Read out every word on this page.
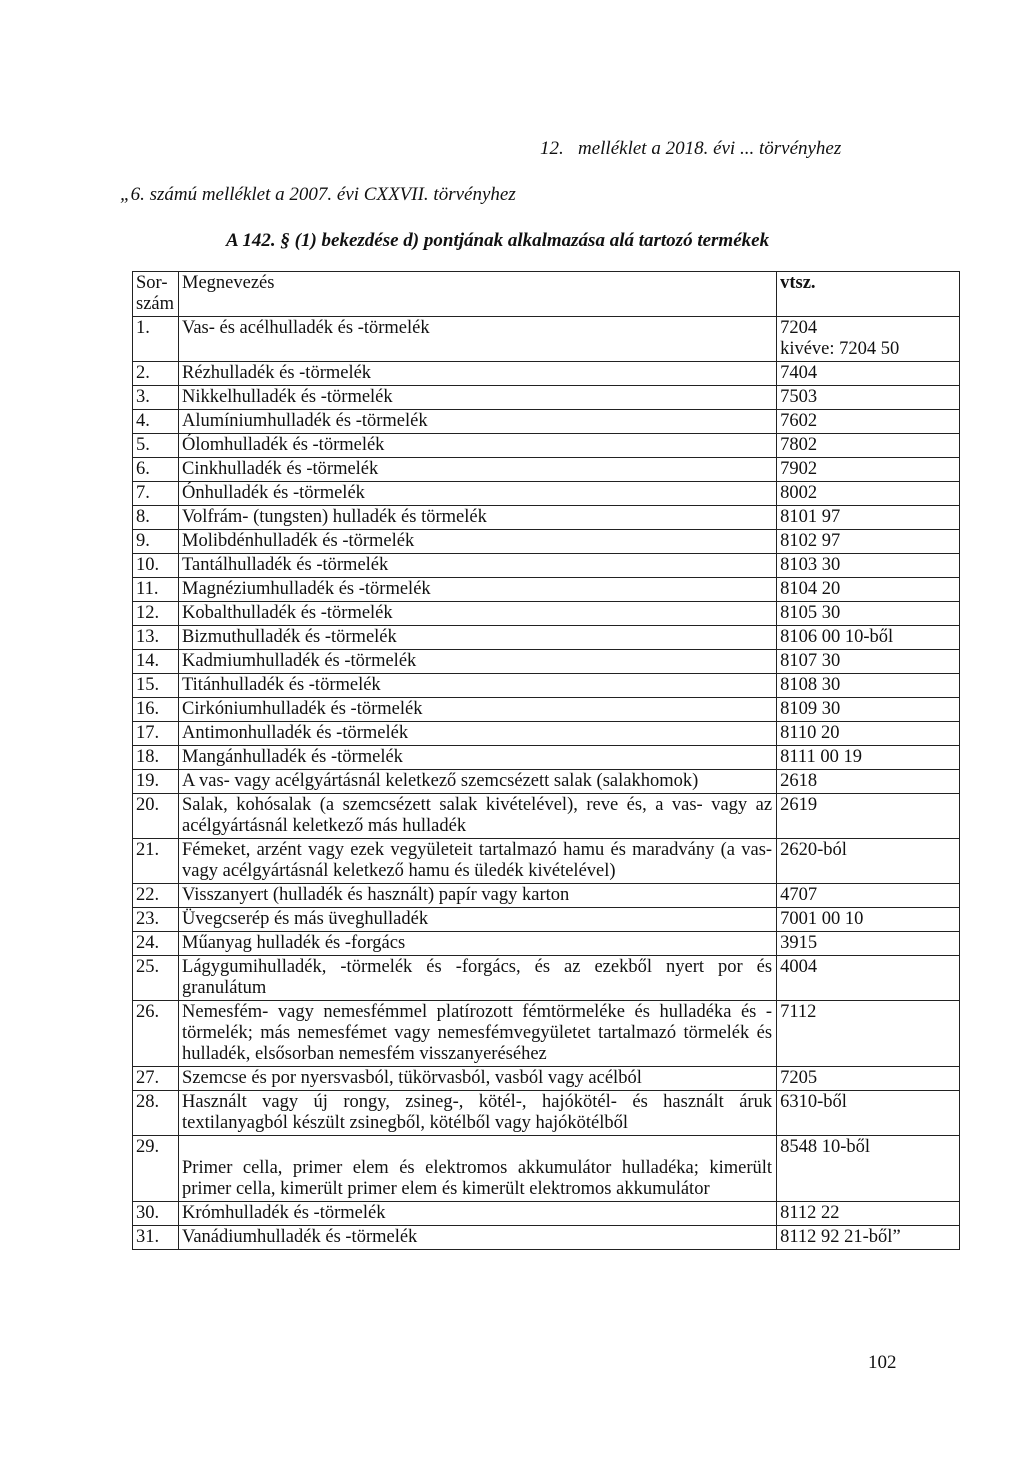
12.   melléklet a 2018. évi ... törvényhez
„6. számú melléklet a 2007. évi CXXVII. törvényhez
A 142. § (1) bekezdése d) pontjának alkalmazása alá tartozó termékek
Sor-
szám	Megnevezés	vtsz.
1.	Vas- és acélhulladék és -törmelék	7204
kivéve: 7204 50
2.	Rézhulladék és -törmelék	7404
3.	Nikkelhulladék és -törmelék	7503
4.	Alumíniumhulladék és -törmelék	7602
5.	Ólomhulladék és -törmelék	7802
6.	Cinkhulladék és -törmelék	7902
7.	Ónhulladék és -törmelék	8002
8.	Volfrám- (tungsten) hulladék és törmelék	8101 97
9.	Molibdénhulladék és -törmelék	8102 97
10.	Tantálhulladék és -törmelék	8103 30
11.	Magnéziumhulladék és -törmelék	8104 20
12.	Kobalthulladék és -törmelék	8105 30
13.	Bizmuthulladék és -törmelék	8106 00 10-ből
14.	Kadmiumhulladék és -törmelék	8107 30
15.	Titánhulladék és -törmelék	8108 30
16.	Cirkóniumhulladék és -törmelék	8109 30
17.	Antimonhulladék és -törmelék	8110 20
18.	Mangánhulladék és -törmelék	8111 00 19
19.	A vas- vagy acélgyártásnál keletkező szemcsézett salak (salakhomok)	2618
20.	Salak, kohósalak (a szemcsézett salak kivételével), reve és, a vas- vagy az acélgyártásnál keletkező más hulladék	2619
21.	Fémeket, arzént vagy ezek vegyületeit tartalmazó hamu és maradvány (a vas- vagy acélgyártásnál keletkező hamu és üledék kivételével)	2620-ból
22.	Visszanyert (hulladék és használt) papír vagy karton	4707
23.	Üvegcserép és más üveghulladék	7001 00 10
24.	Műanyag hulladék és -forgács	3915
25.	Lágygumihulladék, -törmelék és -forgács, és az ezekből nyert por és granulátum	4004
26.	Nemesfém- vagy nemesfémmel platírozott fémtörmeléke és hulladéka és -törmelék; más nemesfémet vagy nemesfémvegyületet tartalmazó törmelék és hulladék, elsősorban nemesfém visszanyeréséhez	7112
27.	Szemcse és por nyersvasból, tükörvasból, vasból vagy acélból	7205
28.	Használt vagy új rongy, zsineg-, kötél-, hajókötél- és használt áruk textilanyagból készült zsinegből, kötélből vagy hajókötélből	6310-ből
29.	
Primer cella, primer elem és elektromos akkumulátor hulladéka; kimerült primer cella, kimerült primer elem és kimerült elektromos akkumulátor	8548 10-ből
30.	Krómhulladék és -törmelék	8112 22
31.	Vanádiumhulladék és -törmelék	8112 92 21-ből”
102
